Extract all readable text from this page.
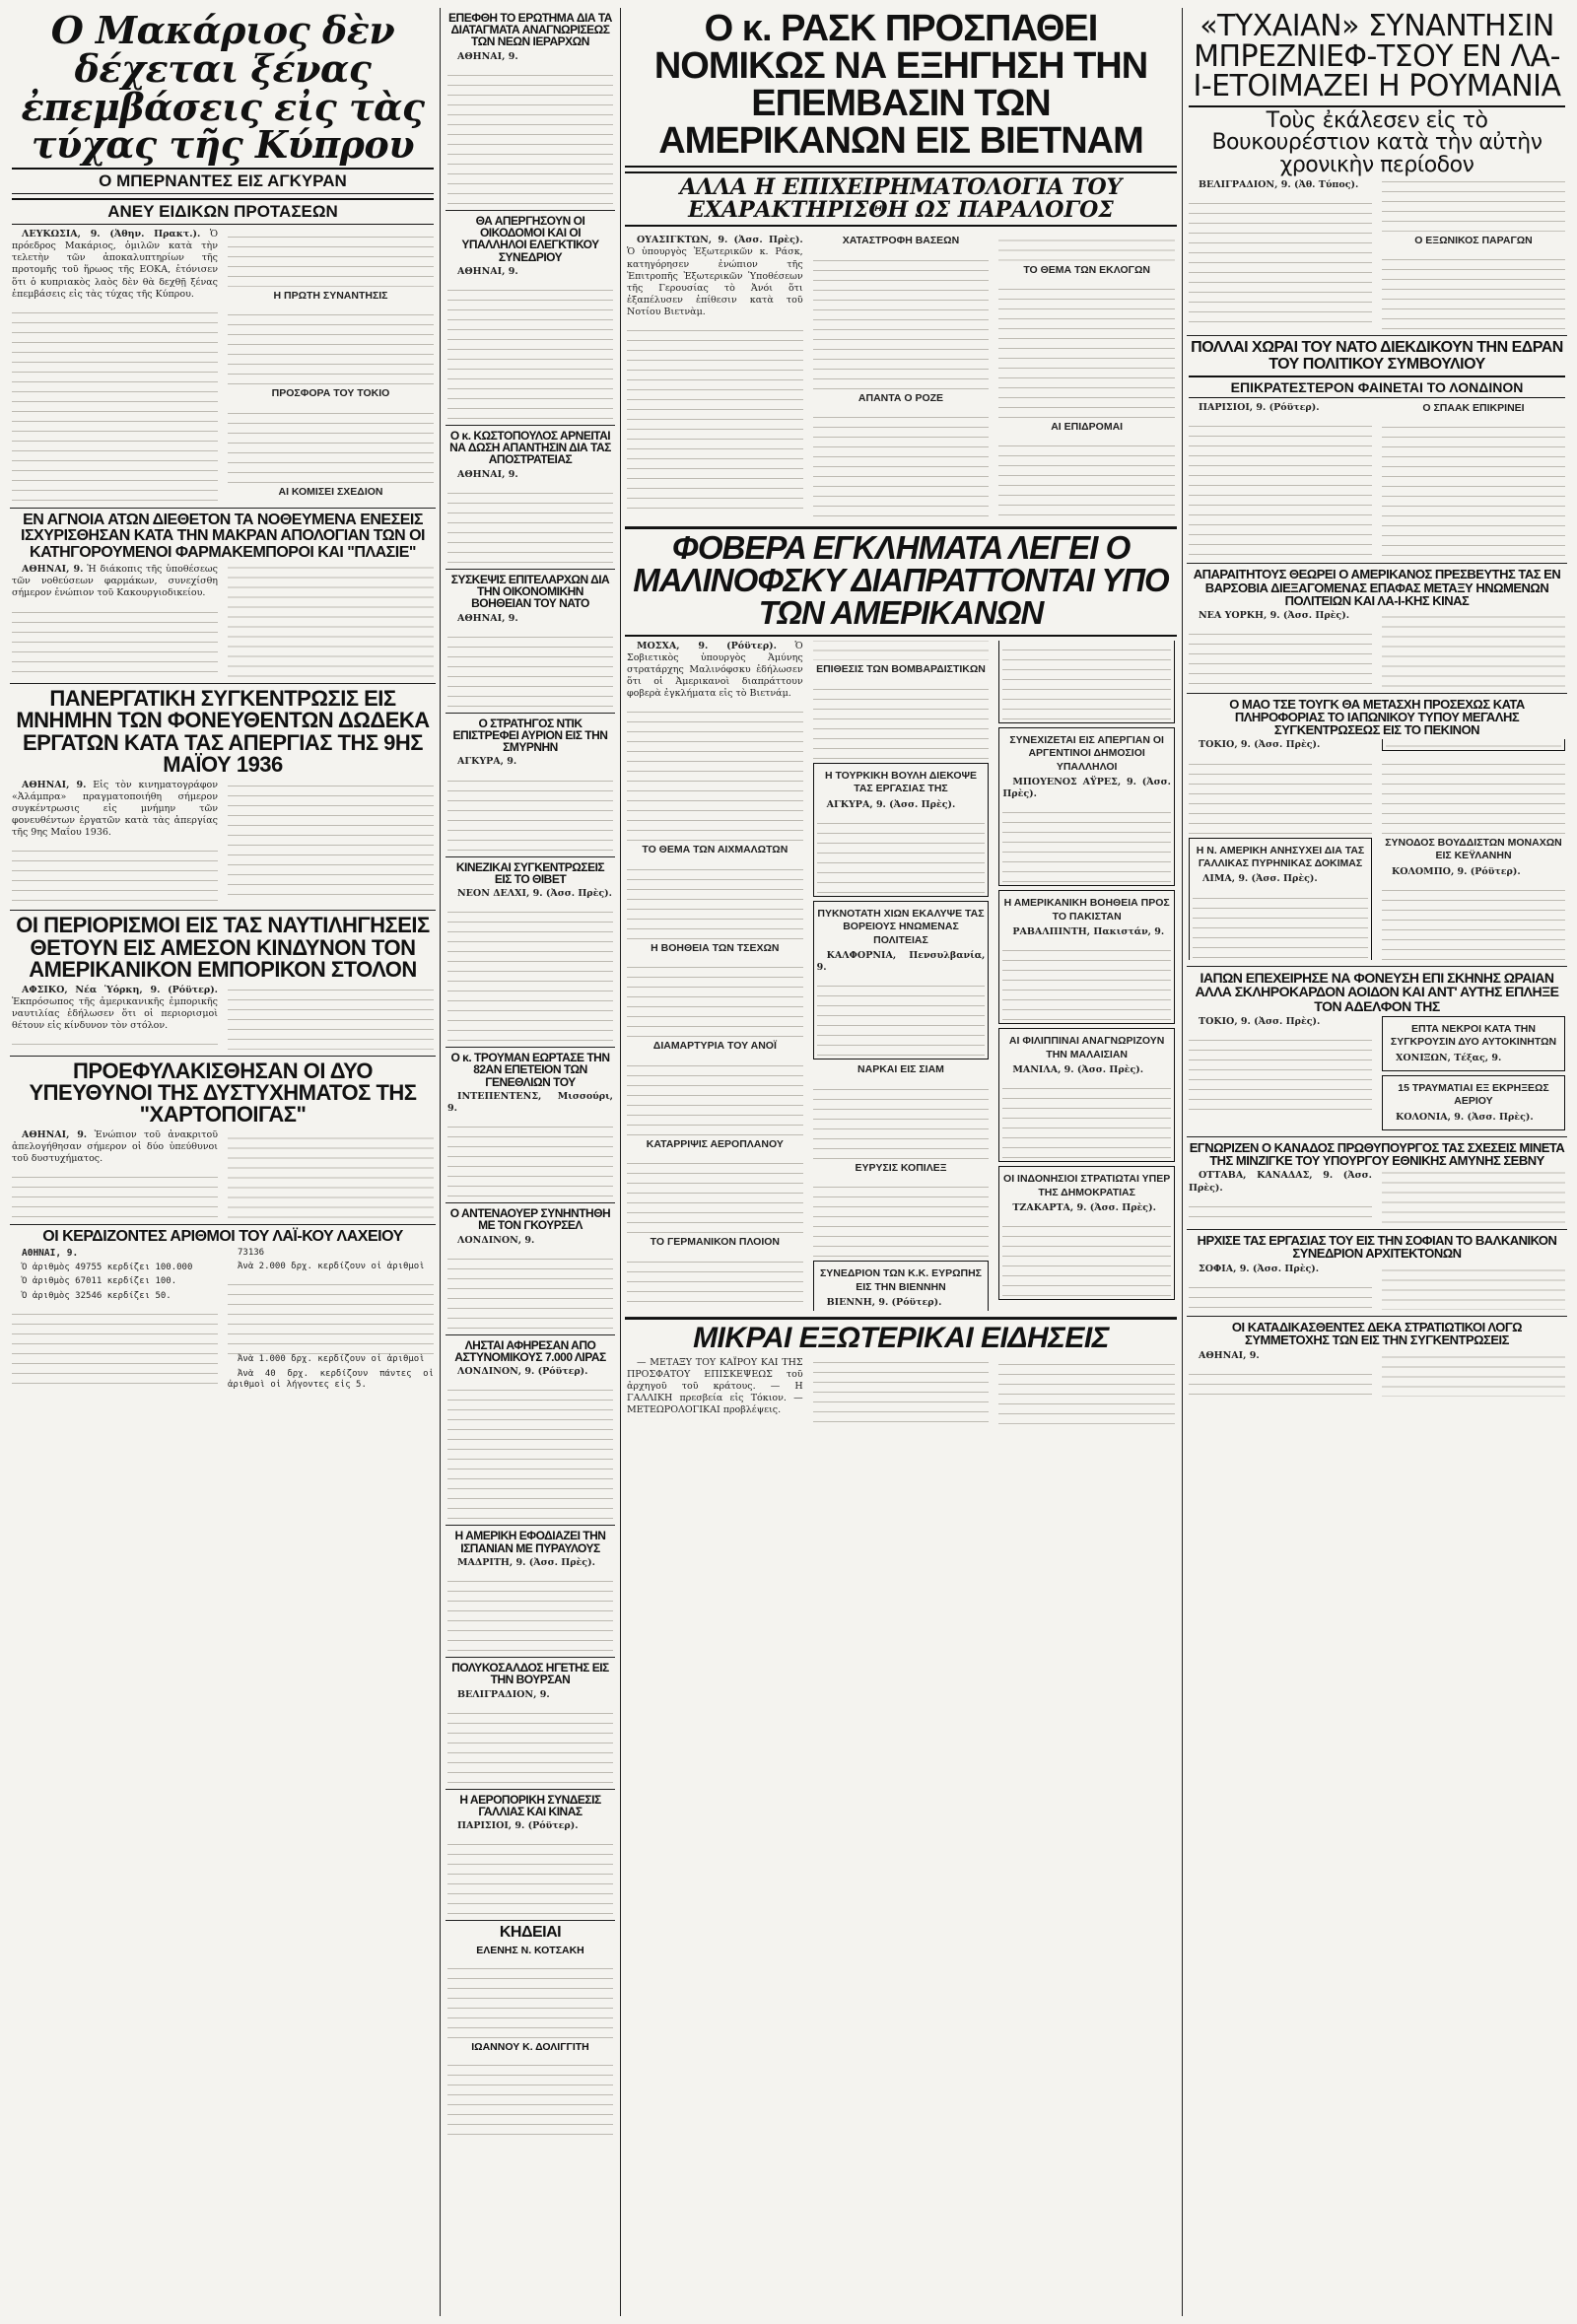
Ο Μακάριος δὲν δέχεται ξένας ἐπεμβάσεις εἰς τὰς τύχας τῆς Κύπρου
Ο ΜΠΕΡΝΑΝΤΕΣ ΕΙΣ ΑΓΚΥΡΑΝ
ΑΝΕΥ ΕΙΔΙΚΩΝ ΠΡΟΤΑΣΕΩΝ

ΛΕΥΚΩΣΙΑ, 9. (Ἀθην. Πρακτ.). Ὁ πρόεδρος Μακάριος, ὁμιλῶν κατὰ τὴν τελετὴν τῶν ἀποκαλυπτηρίων τῆς προτομῆς τοῦ ἥρωος τῆς ΕΟΚΑ, ἐτόνισεν ὅτι ὁ κυπριακὸς λαὸς δὲν θὰ δεχθῇ ξένας ἐπεμβάσεις εἰς τὰς τύχας τῆς Κύπρου.	Η ΠΡΩΤΗ ΣΥΝΑΝΤΗΣΙΣ
ΠΡΟΣΦΟΡΑ ΤΟΥ ΤΟΚΙΟ
ΑΙ ΚΟΜΙΣΕΙ ΣΧΕΔΙΟΝ
ΕΝ ΑΓΝΟΙΑ ΑΤΩΝ ΔΙΕΘΕΤΟΝ ΤΑ ΝΟΘΕΥΜΕΝΑ ΕΝΕΣΕΙΣ ΙΣΧΥΡΙΣΘΗΣΑΝ ΚΑΤΑ ΤΗΝ ΜΑΚΡΑΝ ΑΠΟΛΟΓΙΑΝ ΤΩΝ ΟΙ ΚΑΤΗΓΟΡΟΥΜΕΝΟΙ ΦΑΡΜΑΚΕΜΠΟΡΟΙ ΚΑΙ "ΠΛΑΣΙΕ"

ΑΘΗΝΑΙ, 9. Ἡ διάκοπις τῆς ὑποθέσεως τῶν νοθεύσεων φαρμάκων, συνεχίσθη σήμερον ἐνώπιον τοῦ Κακουργιοδικείου.

ΠΑΝΕΡΓΑΤΙΚΗ ΣΥΓΚΕΝΤΡΩΣΙΣ ΕΙΣ ΜΝΗΜΗΝ ΤΩΝ ΦΟΝΕΥΘΕΝΤΩΝ ΔΩΔΕΚΑ ΕΡΓΑΤΩΝ ΚΑΤΑ ΤΑΣ ΑΠΕΡΓΙΑΣ ΤΗΣ 9ΗΣ ΜΑΪΟΥ 1936

ΑΘΗΝΑΙ, 9. Εἰς τὸν κινηματογράφον «Ἀλάμπρα» πραγματοποιήθη σήμερον συγκέντρωσις εἰς μνήμην τῶν φονευθέντων ἐργατῶν κατὰ τὰς ἀπεργίας τῆς 9ης Μαΐου 1936.

ΟΙ ΠΕΡΙΟΡΙΣΜΟΙ ΕΙΣ ΤΑΣ ΝΑΥΤΙΛΗΓΗΣΕΙΣ ΘΕΤΟΥΝ ΕΙΣ ΑΜΕΣΟΝ ΚΙΝΔΥΝΟΝ ΤΟΝ ΑΜΕΡΙΚΑΝΙΚΟΝ ΕΜΠΟΡΙΚΟΝ ΣΤΟΛΟΝ

ΑΦΣΙΚΟ, Νέα Ὑόρκη, 9. (Ρόϋτερ). Ἐκπρόσωπος τῆς ἀμερικανικῆς ἐμπορικῆς ναυτιλίας ἐδήλωσεν ὅτι οἱ περιορισμοὶ θέτουν εἰς κίνδυνον τὸν στόλον.

ΠΡΟΕΦΥΛΑΚΙΣΘΗΣΑΝ ΟΙ ΔΥΟ ΥΠΕΥΘΥΝΟΙ ΤΗΣ ΔΥΣΤΥΧΗΜΑΤΟΣ ΤΗΣ "ΧΑΡΤΟΠΟΙΓΑΣ"

ΑΘΗΝΑΙ, 9. Ἐνώπιον τοῦ ἀνακριτοῦ ἀπελογήθησαν σήμερον οἱ δύο ὑπεύθυνοι τοῦ δυστυχήματος.

ΟΙ ΚΕΡΔΙΖΟΝΤΕΣ ΑΡΙΘΜΟΙ ΤΟΥ ΛΑΪ-ΚΟΥ ΛΑΧΕΙΟΥ

ΑΘΗΝΑΙ, 9.

Ὁ ἀριθμὸς 49755 κερδίζει 100.000

Ὁ ἀριθμὸς 67011 κερδίζει 100.

Ὁ ἀριθμὸς 32546 κερδίζει 50.

73136

Ἀνὰ 2.000 δρχ. κερδίζουν οἱ ἀριθμοὶ

Ἀνὰ 1.000 δρχ. κερδίζουν οἱ ἀριθμοὶ

Ἀνὰ 40 δρχ. κερδίζουν πάντες οἱ ἀριθμοὶ οἱ λήγοντες εἰς 5.

ΕΠΕΦΘΗ ΤΟ ΕΡΩΤΗΜΑ ΔΙΑ ΤΑ ΔΙΑΤΑΓΜΑΤΑ ΑΝΑΓΝΩΡΙΣΕΩΣ ΤΩΝ ΝΕΩΝ ΙΕΡΑΡΧΩΝ

ΑΘΗΝΑΙ, 9.

ΘΑ ΑΠΕΡΓΗΣΟΥΝ ΟΙ ΟΙΚΟΔΟΜΟΙ ΚΑΙ ΟΙ ΥΠΑΛΛΗΛΟΙ ΕΛΕΓΚΤΙΚΟΥ ΣΥΝΕΔΡΙΟΥ

ΑΘΗΝΑΙ, 9.

Ο κ. ΚΩΣΤΟΠΟΥΛΟΣ ΑΡΝΕΙΤΑΙ ΝΑ ΔΩΣΗ ΑΠΑΝΤΗΣΙΝ ΔΙΑ ΤΑΣ ΑΠΟΣΤΡΑΤΕΙΑΣ

ΑΘΗΝΑΙ, 9.

ΣΥΣΚΕΨΙΣ ΕΠΙΤΕΛΑΡΧΩΝ ΔΙΑ ΤΗΝ ΟΙΚΟΝΟΜΙΚΗΝ ΒΟΗΘΕΙΑΝ ΤΟΥ ΝΑΤΟ

ΑΘΗΝΑΙ, 9.

Ο ΣΤΡΑΤΗΓΟΣ ΝΤΙΚ ΕΠΙΣΤΡΕΦΕΙ ΑΥΡΙΟΝ ΕΙΣ ΤΗΝ ΣΜΥΡΝΗΝ

ΑΓΚΥΡΑ, 9.

ΚΙΝΕΖΙΚΑΙ ΣΥΓΚΕΝΤΡΩΣΕΙΣ ΕΙΣ ΤΟ ΘΙΒΕΤ

ΝΕΟΝ ΔΕΛΧΙ, 9. (Ἀσσ. Πρὲς).

Ο κ. ΤΡΟΥΜΑΝ ΕΩΡΤΑΣΕ ΤΗΝ 82ΑΝ ΕΠΕΤΕΙΟΝ ΤΩΝ ΓΕΝΕΘΛΙΩΝ ΤΟΥ

ΙΝΤΕΠΕΝΤΕΝΣ, Μισσούρι, 9.

Ο ΑΝΤΕΝΑΟΥΕΡ ΣΥΝΗΝΤΗΘΗ ΜΕ ΤΟΝ ΓΚΟΥΡΣΕΛ

ΛΟΝΔΙΝΟΝ, 9.

ΛΗΣΤΑΙ ΑΦΗΡΕΣΑΝ ΑΠΟ ΑΣΤΥΝΟΜΙΚΟΥΣ 7.000 ΛΙΡΑΣ

ΛΟΝΔΙΝΟΝ, 9. (Ρόϋτερ).

Η ΑΜΕΡΙΚΗ ΕΦΟΔΙΑΖΕΙ ΤΗΝ ΙΣΠΑΝΙΑΝ ΜΕ ΠΥΡΑΥΛΟΥΣ

ΜΑΔΡΙΤΗ, 9. (Ἀσσ. Πρὲς).

ΠΟΛΥΚΟΣΑΛΔΟΣ ΗΓΕΤΗΣ ΕΙΣ ΤΗΝ ΒΟΥΡΣΑΝ

ΒΕΛΙΓΡΑΔΙΟΝ, 9.

Η ΑΕΡΟΠΟΡΙΚΗ ΣΥΝΔΕΣΙΣ ΓΑΛΛΙΑΣ ΚΑΙ ΚΙΝΑΣ

ΠΑΡΙΣΙΟΙ, 9. (Ρόϋτερ).

ΚΗΔΕΙΑΙ
ΕΛΕΝΗΣ Ν. ΚΟΤΣΑΚΗ
ΙΩΑΝΝΟΥ Κ. ΔΟΛΙΓΓΙΤΗ
Ο κ. ΡΑΣΚ ΠΡΟΣΠΑΘΕΙ ΝΟΜΙΚΩΣ ΝΑ ΕΞΗΓΗΣΗ ΤΗΝ ΕΠΕΜΒΑΣΙΝ ΤΩΝ ΑΜΕΡΙΚΑΝΩΝ ΕΙΣ ΒΙΕΤΝΑΜ
ΑΛΛΑ Η ΕΠΙΧΕΙΡΗΜΑΤΟΛΟΓΙΑ ΤΟΥ ΕΧΑΡΑΚΤΗΡΙΣΘΗ ΩΣ ΠΑΡΑΛΟΓΟΣ

ΟΥΑΣΙΓΚΤΩΝ, 9. (Ἀσσ. Πρὲς). Ὁ ὑπουργὸς Ἐξωτερικῶν κ. Ράσκ, κατηγόρησεν ἐνώπιον τῆς Ἐπιτροπῆς Ἐξωτερικῶν Ὑποθέσεων τῆς Γερουσίας τὸ Ἀνόι ὅτι ἐξαπέλυσεν ἐπίθεσιν κατὰ τοῦ Νοτίου Βιετνὰμ.

ΧΑΤΑΣΤΡΟΦΗ ΒΑΣΕΩΝ
ΑΠΑΝΤΑ Ο ΡΟΖΕ
ΤΟ ΘΕΜΑ ΤΩΝ ΕΚΛΟΓΩΝ
ΑΙ ΕΠΙΔΡΟΜΑΙ
ΦΟΒΕΡΑ ΕΓΚΛΗΜΑΤΑ ΛΕΓΕΙ Ο ΜΑΛΙΝΟΦΣΚΥ ΔΙΑΠΡΑΤΤΟΝΤΑΙ ΥΠΟ ΤΩΝ ΑΜΕΡΙΚΑΝΩΝ

ΜΟΣΧΑ, 9. (Ρόϋτερ). Ὁ Σοβιετικὸς ὑπουργὸς Ἀμύνης στρατάρχης Μαλινόφσκυ ἐδήλωσεν ὅτι οἱ Ἀμερικανοὶ διαπράττουν φοβερὰ ἐγκλήματα εἰς τὸ Βιετνάμ.

ΤΟ ΘΕΜΑ ΤΩΝ ΑΙΧΜΑΛΩΤΩΝ
Η ΒΟΗΘΕΙΑ ΤΩΝ ΤΣΕΧΩΝ
ΔΙΑΜΑΡΤΥΡΙΑ ΤΟΥ ΑΝΟΪ
ΚΑΤΑΡΡΙΨΙΣ ΑΕΡΟΠΛΑΝΟΥ
ΤΟ ΓΕΡΜΑΝΙΚΟΝ ΠΛΟΙΟΝ
ΕΠΙΘΕΣΙΣ ΤΩΝ ΒΟΜΒΑΡΔΙΣΤΙΚΩΝ
Η ΤΟΥΡΚΙΚΗ ΒΟΥΛΗ ΔΙΕΚΟΨΕ ΤΑΣ ΕΡΓΑΣΙΑΣ ΤΗΣ

ΑΓΚΥΡΑ, 9. (Ἀσσ. Πρὲς).

ΠΥΚΝΟΤΑΤΗ ΧΙΩΝ ΕΚΑΛΥΨΕ ΤΑΣ ΒΟΡΕΙΟΥΣ ΗΝΩΜΕΝΑΣ ΠΟΛΙΤΕΙΑΣ

ΚΑΛΦΟΡΝΙΑ, Πενσυλβανία, 9.

ΝΑΡΚΑΙ ΕΙΣ ΣΙΑΜ
ΕΥΡΥΣΙΣ ΚΟΠΙΛΕΞ
ΣΥΝΕΔΡΙΟΝ ΤΩΝ Κ.Κ. ΕΥΡΩΠΗΣ ΕΙΣ ΤΗΝ ΒΙΕΝΝΗΝ

ΒΙΕΝΝΗ, 9. (Ρόϋτερ).

ΣΥΝΕΧΙΖΕΤΑΙ ΕΙΣ ΑΠΕΡΓΙΑΝ ΟΙ ΑΡΓΕΝΤΙΝΟΙ ΔΗΜΟΣΙΟΙ ΥΠΑΛΛΗΛΟΙ

ΜΠΟΥΕΝΟΣ ΑΫΡΕΣ, 9. (Ἀσσ. Πρὲς).

Η ΑΜΕΡΙΚΑΝΙΚΗ ΒΟΗΘΕΙΑ ΠΡΟΣ ΤΟ ΠΑΚΙΣΤΑΝ

ΡΑΒΑΛΠΙΝΤΗ, Πακιστάν, 9.

ΑΙ ΦΙΛΙΠΠΙΝΑΙ ΑΝΑΓΝΩΡΙΖΟΥΝ ΤΗΝ ΜΑΛΑΙΣΙΑΝ

ΜΑΝΙΛΑ, 9. (Ἀσσ. Πρὲς).

ΟΙ ΙΝΔΟΝΗΣΙΟΙ ΣΤΡΑΤΙΩΤΑΙ ΥΠΕΡ ΤΗΣ ΔΗΜΟΚΡΑΤΙΑΣ

ΤΖΑΚΑΡΤΑ, 9. (Ἀσσ. Πρὲς).

ΜΙΚΡΑΙ ΕΞΩΤΕΡΙΚΑΙ ΕΙΔΗΣΕΙΣ

— ΜΕΤΑΞΥ ΤΟΥ ΚΑΪΡΟΥ ΚΑΙ ΤΗΣ ΠΡΟΣΦΑΤΟΥ ΕΠΙΣΚΕΨΕΩΣ τοῦ ἀρχηγοῦ τοῦ κράτους. — Η ΓΑΛΛΙΚΗ πρεσβεία εἰς Τόκιον. — ΜΕΤΕΩΡΟΛΟΓΙΚΑΙ προβλέψεις.

«ΤΥΧΑΙΑΝ» ΣΥΝΑΝΤΗΣΙΝ ΜΠΡΕΖΝΙΕΦ-ΤΣΟΥ ΕΝ ΛΑ-Ι-ΕΤΟΙΜΑΖΕΙ Η ΡΟΥΜΑΝΙΑ
Τοὺς ἐκάλεσεν εἰς τὸ Βουκουρέστιον κατὰ τὴν αὐτὴν χρονικὴν περίοδον

ΒΕΛΙΓΡΑΔΙΟΝ, 9. (Ἀθ. Τύπος).

Ο ΕΞΩΝΙΚΟΣ ΠΑΡΑΓΩΝ
ΠΟΛΛΑΙ ΧΩΡΑΙ ΤΟΥ ΝΑΤΟ ΔΙΕΚΔΙΚΟΥΝ ΤΗΝ ΕΔΡΑΝ ΤΟΥ ΠΟΛΙΤΙΚΟΥ ΣΥΜΒΟΥΛΙΟΥ
ΕΠΙΚΡΑΤΕΣΤΕΡΟΝ ΦΑΙΝΕΤΑΙ ΤΟ ΛΟΝΔΙΝΟΝ

ΠΑΡΙΣΙΟΙ, 9. (Ρόϋτερ).	Ο ΣΠΑΑΚ ΕΠΙΚΡΙΝΕΙ
ΑΠΑΡΑΙΤΗΤΟΥΣ ΘΕΩΡΕΙ Ο ΑΜΕΡΙΚΑΝΟΣ ΠΡΕΣΒΕΥΤΗΣ ΤΑΣ ΕΝ ΒΑΡΣΟΒΙΑ ΔΙΕΞΑΓΟΜΕΝΑΣ ΕΠΑΦΑΣ ΜΕΤΑΞΥ ΗΝΩΜΕΝΩΝ ΠΟΛΙΤΕΙΩΝ ΚΑΙ ΛΑ-Ι-ΚΗΣ ΚΙΝΑΣ

ΝΕΑ ΥΟΡΚΗ, 9. (Ἀσσ. Πρὲς).

Ο ΜΑΟ ΤΣΕ ΤΟΥΓΚ ΘΑ ΜΕΤΑΣΧΗ ΠΡΟΣΕΧΩΣ ΚΑΤΑ ΠΛΗΡΟΦΟΡΙΑΣ ΤΟ ΙΑΠΩΝΙΚΟΥ ΤΥΠΟΥ ΜΕΓΑΛΗΣ ΣΥΓΚΕΝΤΡΩΣΕΩΣ ΕΙΣ ΤΟ ΠΕΚΙΝΟΝ

ΤΟΚΙΟ, 9. (Ἀσσ. Πρὲς).

Η Ν. ΑΜΕΡΙΚΗ ΑΝΗΣΥΧΕΙ ΔΙΑ ΤΑΣ ΓΑΛΛΙΚΑΣ ΠΥΡΗΝΙΚΑΣ ΔΟΚΙΜΑΣ

ΛΙΜΑ, 9. (Ἀσσ. Πρὲς).

ΣΥΝΟΔΟΣ ΒΟΥΔΔΙΣΤΩΝ ΜΟΝΑΧΩΝ ΕΙΣ ΚΕΫΛΑΝΗΝ

ΚΟΛΟΜΠΟ, 9. (Ρόϋτερ).

ΙΑΠΩΝ ΕΠΕΧΕΙΡΗΣΕ ΝΑ ΦΟΝΕΥΣΗ ΕΠΙ ΣΚΗΝΗΣ ΩΡΑΙΑΝ ΑΛΛΑ ΣΚΛΗΡΟΚΑΡΔΟΝ ΑΟΙΔΟΝ ΚΑΙ ΑΝΤ' ΑΥΤΗΣ ΕΠΛΗΞΕ ΤΟΝ ΑΔΕΛΦΟΝ ΤΗΣ

ΤΟΚΙΟ, 9. (Ἀσσ. Πρὲς).

ΕΠΤΑ ΝΕΚΡΟΙ ΚΑΤΑ ΤΗΝ ΣΥΓΚΡΟΥΣΙΝ ΔΥΟ ΑΥΤΟΚΙΝΗΤΩΝ

ΧΟΝΙΞΩΝ, Τέξας, 9.

15 ΤΡΑΥΜΑΤΙΑΙ ΕΞ ΕΚΡΗΞΕΩΣ ΑΕΡΙΟΥ

ΚΟΛΟΝΙΑ, 9. (Ἀσσ. Πρὲς).

ΕΓΝΩΡΙΖΕΝ Ο ΚΑΝΑΔΟΣ ΠΡΩΘΥΠΟΥΡΓΟΣ ΤΑΣ ΣΧΕΣΕΙΣ ΜΙΝΕΤΑ ΤΗΣ ΜΙΝΖΙΓΚΕ ΤΟΥ ΥΠΟΥΡΓΟΥ ΕΘΝΙΚΗΣ ΑΜΥΝΗΣ ΣΕΒΝΥ

ΟΤΤΑΒΑ, ΚΑΝΑΔΑΣ, 9. (Ἀσσ. Πρὲς).

ΗΡΧΙΣΕ ΤΑΣ ΕΡΓΑΣΙΑΣ ΤΟΥ ΕΙΣ ΤΗΝ ΣΟΦΙΑΝ ΤΟ ΒΑΛΚΑΝΙΚΟΝ ΣΥΝΕΔΡΙΟΝ ΑΡΧΙΤΕΚΤΟΝΩΝ

ΣΟΦΙΑ, 9. (Ἀσσ. Πρὲς).

ΟΙ ΚΑΤΑΔΙΚΑΣΘΕΝΤΕΣ ΔΕΚΑ ΣΤΡΑΤΙΩΤΙΚΟΙ ΛΟΓΩ ΣΥΜΜΕΤΟΧΗΣ ΤΩΝ ΕΙΣ ΤΗΝ ΣΥΓΚΕΝΤΡΩΣΕΙΣ

ΑΘΗΝΑΙ, 9.
